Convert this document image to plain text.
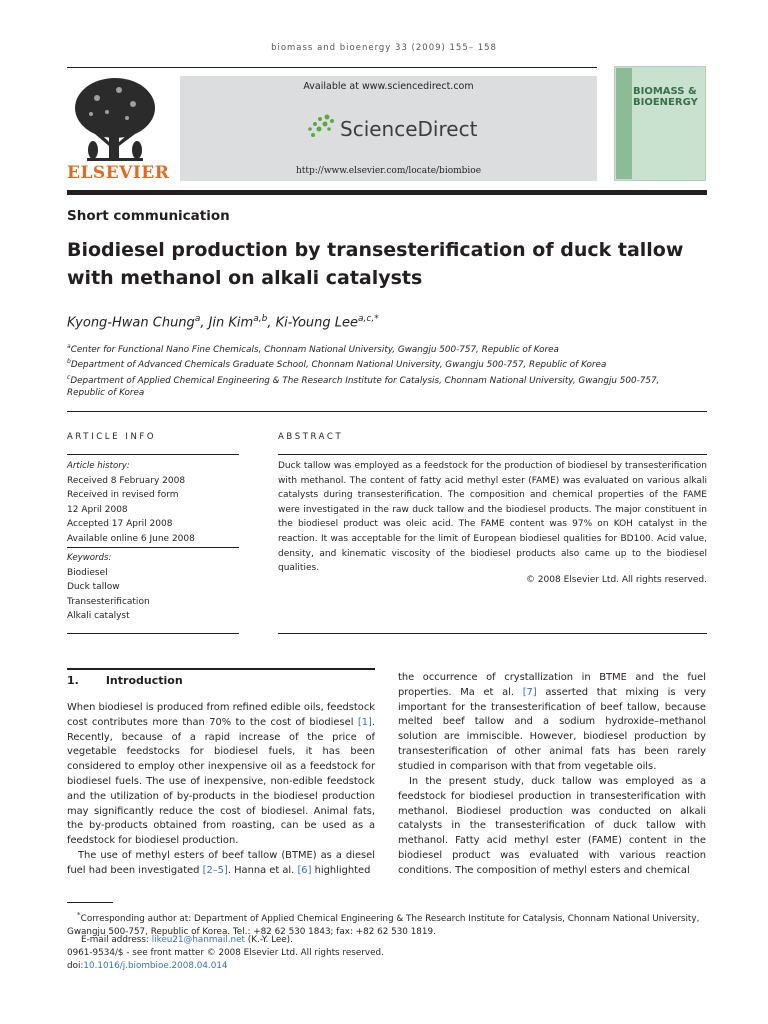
biomass and bioenergy 33 (2009) 155– 158
ELSEVIER
Available at www.sciencedirect.com
ScienceDirect
http://www.elsevier.com/locate/biombioe
BIOMASS &
BIOENERGY
Short communication
Biodiesel production by transesterification of duck tallow
with methanol on alkali catalysts
Kyong-Hwan Chung$^a$, Jin Kim$^{a,b}$, Ki-Young Lee$^{a,c,*}$
$^a$Center for Functional Nano Fine Chemicals, Chonnam National University, Gwangju 500-757, Republic of Korea
$^b$Department of Advanced Chemicals Graduate School, Chonnam National University, Gwangju 500-757, Republic of Korea
$^c$Department of Applied Chemical Engineering & The Research Institute for Catalysis, Chonnam National University, Gwangju 500-757,
Republic of Korea
ARTICLE INFO
Article history:
Received 8 February 2008
Received in revised form
12 April 2008
Accepted 17 April 2008
Available online 6 June 2008
Keywords:
Biodiesel
Duck tallow
Transesterification
Alkali catalyst
ABSTRACT
Duck tallow was employed as a feedstock for the production of biodiesel by transesterification with methanol. The content of fatty acid methyl ester (FAME) was evaluated on various alkali catalysts during transesterification. The composition and chemical properties of the FAME were investigated in the raw duck tallow and the biodiesel products. The major constituent in the biodiesel product was oleic acid. The FAME content was 97% on KOH catalyst in the reaction. It was acceptable for the limit of European biodiesel qualities for BD100. Acid value, density, and kinematic viscosity of the biodiesel products also came up to the biodiesel qualities.
© 2008 Elsevier Ltd. All rights reserved.
1. Introduction
When biodiesel is produced from refined edible oils, feedstock cost contributes more than 70% to the cost of biodiesel [1]. Recently, because of a rapid increase of the price of vegetable feedstocks for biodiesel fuels, it has been considered to employ other inexpensive oil as a feedstock for biodiesel fuels. The use of inexpensive, non-edible feedstock and the utilization of by-products in the biodiesel production may significantly reduce the cost of biodiesel. Animal fats, the by-products obtained from roasting, can be used as a feedstock for biodiesel production.
The use of methyl esters of beef tallow (BTME) as a diesel fuel had been investigated [2–5]. Hanna et al. [6] highlighted
the occurrence of crystallization in BTME and the fuel properties. Ma et al. [7] asserted that mixing is very important for the transesterification of beef tallow, because melted beef tallow and a sodium hydroxide–methanol solution are immiscible. However, biodiesel production by transesterification of other animal fats has been rarely studied in comparison with that from vegetable oils.
In the present study, duck tallow was employed as a feedstock for biodiesel production in transesterification with methanol. Biodiesel production was conducted on alkali catalysts in the transesterification of duck tallow with methanol. Fatty acid methyl ester (FAME) content in the biodiesel product was evaluated with various reaction conditions. The composition of methyl esters and chemical
*Corresponding author at: Department of Applied Chemical Engineering & The Research Institute for Catalysis, Chonnam National University, Gwangju 500-757, Republic of Korea. Tel.: +82 62 530 1843; fax: +82 62 530 1819.
E-mail address: likeu21@hanmail.net (K.-Y. Lee).
0961-9534/$ - see front matter © 2008 Elsevier Ltd. All rights reserved.
doi:10.1016/j.biombioe.2008.04.014
